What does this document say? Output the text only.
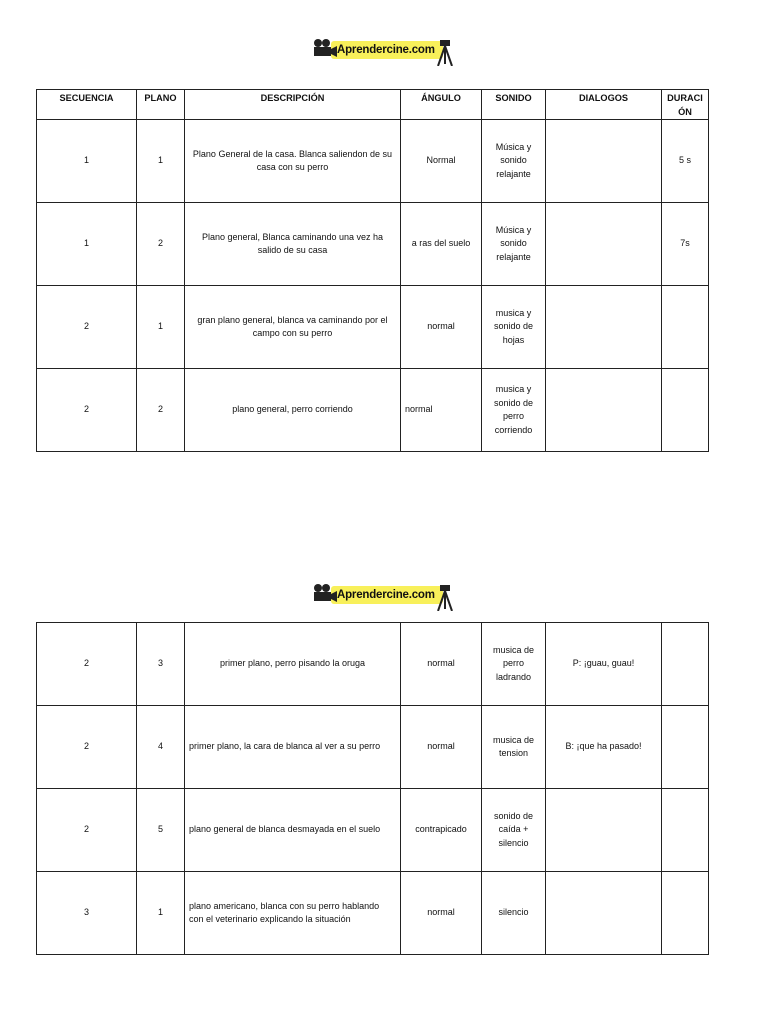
Aprendercine.com
SECUENCIA	PLANO	DESCRIPCIÓN	ÁNGULO	SONIDO	DIALOGOS	DURACI
ÓN
1	1	Plano General de la casa. Blanca saliendon de su casa con su perro	Normal	Música y sonido relajante		5 s
1	2	Plano general, Blanca caminando una vez ha salido de su casa	a ras del suelo	Música y sonido relajante		7s
2	1	gran plano general, blanca va caminando por el campo con su perro	normal	musica y sonido de hojas		
2	2	plano general, perro corriendo	normal	musica y sonido de perro corriendo		
Aprendercine.com
2	3	primer plano, perro pisando la oruga	normal	musica de perro ladrando	P: ¡guau, guau!	
2	4	primer plano, la cara de blanca al ver a su perro	normal	musica de tension	B: ¡que ha pasado!	
2	5	plano general de blanca desmayada en el suelo	contrapicado	sonido de caída + silencio		
3	1	plano americano, blanca con su perro hablando con el veterinario explicando la situación	normal	silencio		
